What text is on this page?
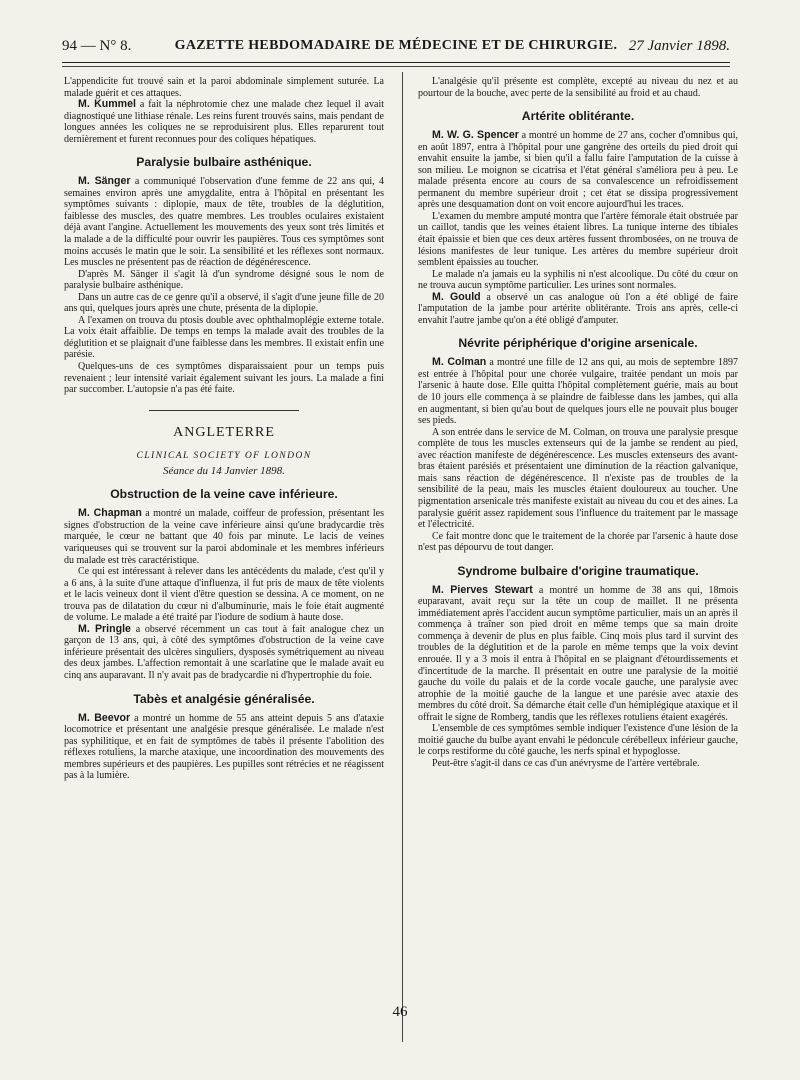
94 — N° 8.	GAZETTE HEBDOMADAIRE DE MÉDECINE ET DE CHIRURGIE. 27 Janvier 1898.

L'appendicite fut trouvé sain et la paroi abdominale simplement suturée. La malade guérit et ces attaques.

M. Kummel a fait la néphrotomie chez une malade chez lequel il avait diagnostiqué une lithiase rénale. Les reins furent trouvés sains, mais pendant de longues années les coliques ne se reproduisirent plus. Elles reparurent tout dernièrement et furent reconnues pour des coliques hépatiques.

Paralysie bulbaire asthénique.

M. Sänger a communiqué l'observation d'une femme de 22 ans qui, 4 semaines environ après une amygdalite, entra à l'hôpital en présentant les symptômes suivants : diplopie, maux de tête, troubles de la déglutition, faiblesse des muscles, des quatre membres. Les troubles oculaires existaient déjà avant l'angine. Actuellement les mouvements des yeux sont très limités et la malade a de la difficulté pour ouvrir les paupières. Tous ces symptômes sont moins accusés le matin que le soir. La sensibilité et les réflexes sont normaux. Les muscles ne présentent pas de réaction de dégénérescence.

D'après M. Sänger il s'agit là d'un syndrome désigné sous le nom de paralysie bulbaire asthénique.

Dans un autre cas de ce genre qu'il a observé, il s'agit d'une jeune fille de 20 ans qui, quelques jours après une chute, présenta de la diplopie.

A l'examen on trouva du ptosis double avec ophthalmoplégie externe totale. La voix était affaiblie. De temps en temps la malade avait des troubles de la déglutition et se plaignait d'une faiblesse dans les membres. Il existait enfin une parésie.

Quelques-uns de ces symptômes disparaissaient pour un temps puis revenaient ; leur intensité variait également suivant les jours. La malade a fini par succomber. L'autopsie n'a pas été faite.

ANGLETERRE
CLINICAL SOCIETY OF LONDON
Séance du 14 Janvier 1898.
Obstruction de la veine cave inférieure.

M. Chapman a montré un malade, coiffeur de profession, présentant les signes d'obstruction de la veine cave inférieure ainsi qu'une bradycardie très marquée, le cœur ne battant que 40 fois par minute. Le lacis de veines variqueuses qui se trouvent sur la paroi abdominale et les membres inférieurs du malade est très caractéristique.

Ce qui est intéressant à relever dans les antécédents du malade, c'est qu'il y a 6 ans, à la suite d'une attaque d'influenza, il fut pris de maux de tête violents et le lacis veineux dont il vient d'être question se dessina. A ce moment, on ne trouva pas de dilatation du cœur ni d'albuminurie, mais le foie était augmenté de volume. Le malade a été traité par l'iodure de sodium à haute dose.

M. Pringle a observé récemment un cas tout à fait analogue chez un garçon de 13 ans, qui, à côté des symptômes d'obstruction de la veine cave inférieure présentait des ulcères singuliers, dysposés symétriquement au niveau des deux jambes. L'affection remontait à une scarlatine que le malade avait eu cinq ans auparavant. Il n'y avait pas de bradycardie ni d'hypertrophie du foie.

Tabès et analgésie généralisée.

M. Beevor a montré un homme de 55 ans atteint depuis 5 ans d'ataxie locomotrice et présentant une analgésie presque généralisée. Le malade n'est pas syphilitique, et en fait de symptômes de tabès il présente l'abolition des réflexes rotuliens, la marche ataxique, une incoordination des mouvements des membres supérieurs et des paupières. Les pupilles sont rétrécies et ne réagissent pas à la lumière.

L'analgésie qu'il présente est complète, excepté au niveau du nez et au pourtour de la bouche, avec perte de la sensibilité au froid et au chaud.

Artérite oblitérante.

M. W. G. Spencer a montré un homme de 27 ans, cocher d'omnibus qui, en août 1897, entra à l'hôpital pour une gangrène des orteils du pied droit qui envahit ensuite la jambe, si bien qu'il a fallu faire l'amputation de la cuisse à son milieu. Le moignon se cicatrisa et l'état général s'améliora peu à peu. Le malade présenta encore au cours de sa convalescence un refroidissement permanent du membre supérieur droit ; cet état se dissipa progressivement après une desquamation dont on voit encore aujourd'hui les traces.

L'examen du membre amputé montra que l'artère fémorale était obstruée par un caillot, tandis que les veines étaient libres. La tunique interne des tibiales était épaissie et bien que ces deux artères fussent thrombosées, on ne trouva de lésions manifestes de leur tunique. Les artères du membre supérieur droit semblent épaissies au toucher.

Le malade n'a jamais eu la syphilis ni n'est alcoolique. Du côté du cœur on ne trouva aucun symptôme particulier. Les urines sont normales.

M. Gould a observé un cas analogue où l'on a été obligé de faire l'amputation de la jambe pour artérite oblitérante. Trois ans après, celle-ci envahit l'autre jambe qu'on a été obligé d'amputer.

Névrite périphérique d'origine arsenicale.

M. Colman a montré une fille de 12 ans qui, au mois de septembre 1897 est entrée à l'hôpital pour une chorée vulgaire, traitée pendant un mois par l'arsenic à haute dose. Elle quitta l'hôpital complètement guérie, mais au bout de 10 jours elle commença à se plaindre de faiblesse dans les jambes, qui alla en augmentant, si bien qu'au bout de quelques jours elle ne pouvait plus bouger ses pieds.

A son entrée dans le service de M. Colman, on trouva une paralysie presque complète de tous les muscles extenseurs qui de la jambe se rendent au pied, avec réaction manifeste de dégénérescence. Les muscles extenseurs des avant-bras étaient parésiés et présentaient une diminution de la réaction galvanique, mais sans réaction de dégénérescence. Il n'existe pas de troubles de la sensibilité de la peau, mais les muscles étaient douloureux au toucher. Une pigmentation arsenicale très manifeste existait au niveau du cou et des aines. La paralysie guérit assez rapidement sous l'influence du traitement par le massage et l'électricité.

Ce fait montre donc que le traitement de la chorée par l'arsenic à haute dose n'est pas dépourvu de tout danger.

Syndrome bulbaire d'origine traumatique.

M. Pierves Stewart a montré un homme de 38 ans qui, 18mois euparavant, avait reçu sur la tête un coup de maillet. Il ne présenta immédiatement après l'accident aucun symptôme particulier, mais un an après il commença à traîner son pied droit en même temps que sa main droite commença à devenir de plus en plus faible. Cinq mois plus tard il survint des troubles de la déglutition et de la parole en même temps que la voix devint enrouée. Il y a 3 mois il entra à l'hôpital en se plaignant d'étourdissements et d'incertitude de la marche. Il présentait en outre une paralysie de la moitié gauche du voile du palais et de la corde vocale gauche, une paralysie avec atrophie de la moitié gauche de la langue et une parésie avec ataxie des membres du côté droit. Sa démarche était celle d'un hémiplégique ataxique et il offrait le signe de Romberg, tandis que les réflexes rotuliens étaient exagérés.

L'ensemble de ces symptômes semble indiquer l'existence d'une lésion de la moitié gauche du bulbe ayant envahi le pédoncule cérébelleux inférieur gauche, le corps restiforme du côté gauche, les nerfs spinal et hypoglosse.

Peut-être s'agit-il dans ce cas d'un anévrysme de l'artère vertébrale.

46
